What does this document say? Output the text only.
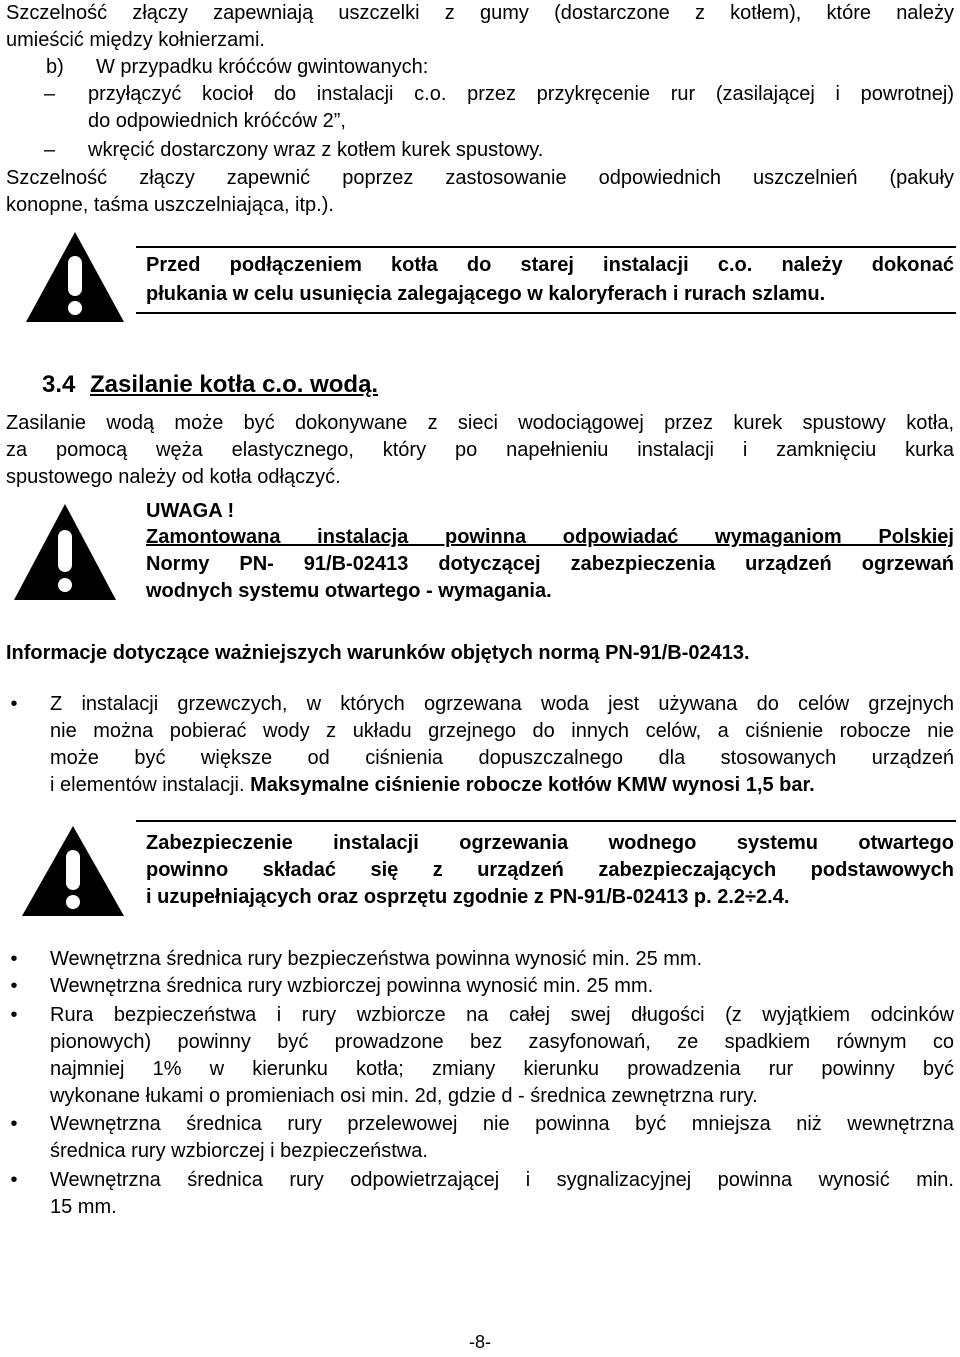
Szczelność złączy zapewniają uszczelki z gumy (dostarczone z kotłem), które należy
umieścić między kołnierzami.
b) W przypadku króćców gwintowanych:
– przyłączyć kocioł do instalacji c.o. przez przykręcenie rur (zasilającej i powrotnej)
do odpowiednich króćców 2”,
– wkręcić dostarczony wraz z kotłem kurek spustowy.
Szczelność złączy zapewnić poprzez zastosowanie odpowiednich uszczelnień (pakuły
konopne, taśma uszczelniająca, itp.).
Przed podłączeniem kotła do starej instalacji c.o. należy dokonać
płukania w celu usunięcia zalegającego w kaloryferach i rurach szlamu.
3.4 Zasilanie kotła c.o. wodą.
Zasilanie wodą może być dokonywane z sieci wodociągowej przez kurek spustowy kotła,
za pomocą węża elastycznego, który po napełnieniu instalacji i zamknięciu kurka
spustowego należy od kotła odłączyć.
UWAGA !
Zamontowana instalacja powinna odpowiadać wymaganiom Polskiej
Normy PN- 91/B-02413 dotyczącej zabezpieczenia urządzeń ogrzewań
wodnych systemu otwartego - wymagania.
Informacje dotyczące ważniejszych warunków objętych normą PN-91/B-02413.
•	Z instalacji grzewczych, w których ogrzewana woda jest używana do celów grzejnych
nie można pobierać wody z układu grzejnego do innych celów, a ciśnienie robocze nie
może być większe od ciśnienia dopuszczalnego dla stosowanych urządzeń
i elementów instalacji. Maksymalne ciśnienie robocze kotłów KMW wynosi 1,5 bar.
Zabezpieczenie instalacji ogrzewania wodnego systemu otwartego
powinno składać się z urządzeń zabezpieczających podstawowych
i uzupełniających oraz osprzętu zgodnie z PN-91/B-02413 p. 2.2÷2.4.
•	Wewnętrzna średnica rury bezpieczeństwa powinna wynosić min. 25 mm.
•	Wewnętrzna średnica rury wzbiorczej powinna wynosić min. 25 mm.
•	Rura bezpieczeństwa i rury wzbiorcze na całej swej długości (z wyjątkiem odcinków
pionowych) powinny być prowadzone bez zasyfonowań, ze spadkiem równym co
najmniej 1% w kierunku kotła; zmiany kierunku prowadzenia rur powinny być
wykonane łukami o promieniach osi min. 2d, gdzie d - średnica zewnętrzna rury.
•	Wewnętrzna średnica rury przelewowej nie powinna być mniejsza niż wewnętrzna
średnica rury wzbiorczej i bezpieczeństwa.
•	Wewnętrzna średnica rury odpowietrzającej i sygnalizacyjnej powinna wynosić min.
15 mm.
-8-
